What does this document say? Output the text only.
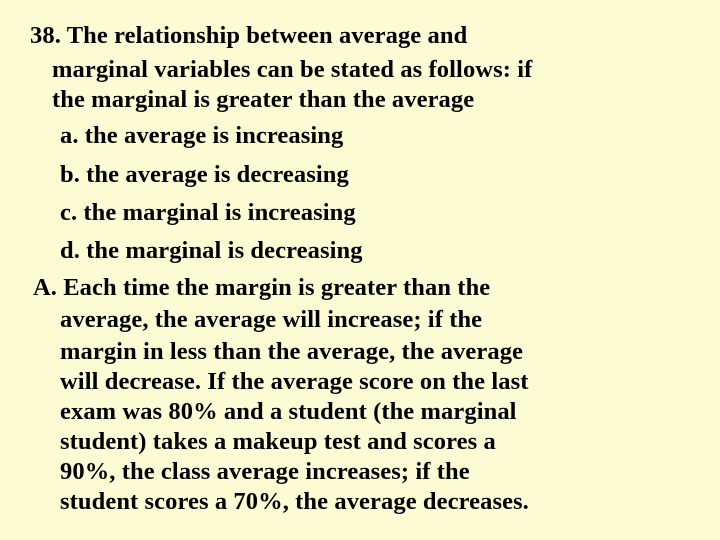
38. The relationship between average and
marginal variables can be stated as follows: if
the marginal is greater than the average
a. the average is increasing
b. the average is decreasing
c. the marginal is increasing
d. the marginal is decreasing
A. Each time the margin is greater than the
average, the average will increase; if the
margin in less than the average, the average
will decrease. If the average score on the last
exam was 80% and a student (the marginal
student) takes a makeup test and scores a
90%, the class average increases; if the
student scores a 70%, the average decreases.
